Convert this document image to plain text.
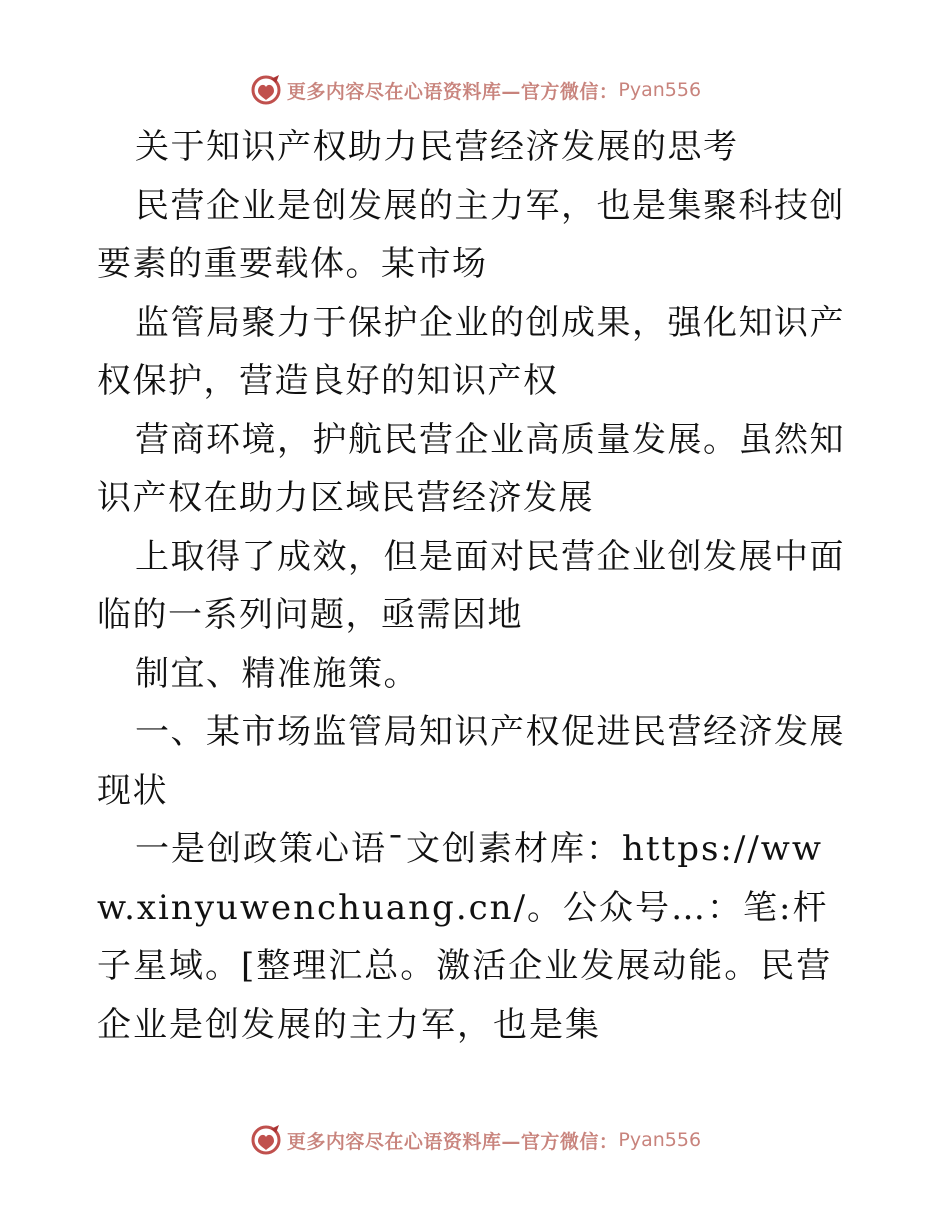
更多内容尽在心语资料库—官方微信： Pyan556

关于知识产权助力民营经济发展的思考

民营企业是创发展的主力军，也是集聚科技创要素的重要载体。某市场

监管局聚力于保护企业的创成果，强化知识产权保护，营造良好的知识产权

营商环境，护航民营企业高质量发展。虽然知识产权在助力区域民营经济发展

上取得了成效，但是面对民营企业创发展中面临的一系列问题，亟需因地

制宜、精准施策。

一、某市场监管局知识产权促进民营经济发展现状

一是创政策心语¯文创素材库：https://www.xinyuwenchuang.cn/。公众号…：笔:杆子星域。[整理汇总。激活企业发展动能。民营企业是创发展的主力军，也是集

更多内容尽在心语资料库—官方微信： Pyan556
